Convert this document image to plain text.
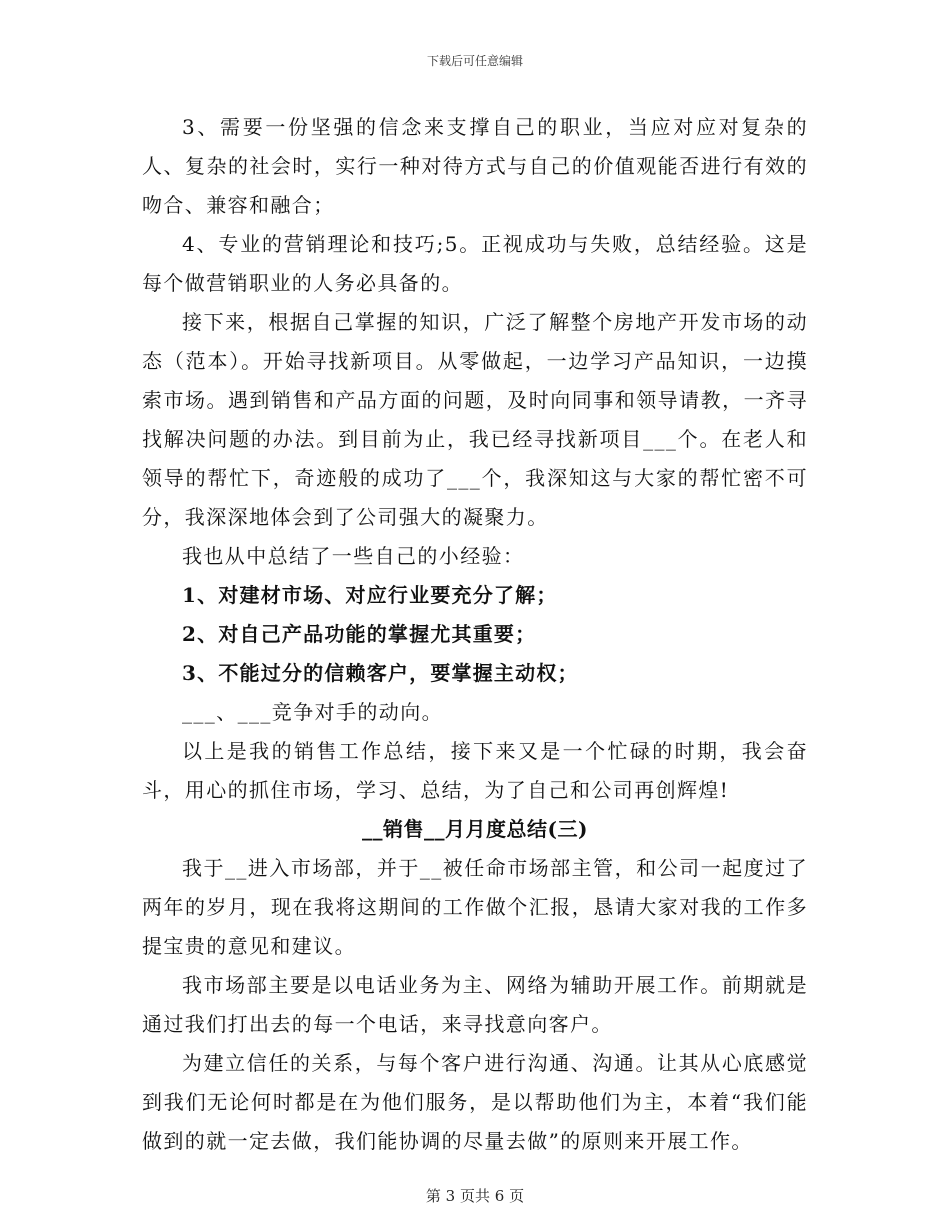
下载后可任意编辑

3、需要一份坚强的信念来支撑自己的职业，当应对应对复杂的人、复杂的社会时，实行一种对待方式与自己的价值观能否进行有效的吻合、兼容和融合；

4、专业的营销理论和技巧;5。正视成功与失败，总结经验。这是每个做营销职业的人务必具备的。

接下来，根据自己掌握的知识，广泛了解整个房地产开发市场的动态（范本）。开始寻找新项目。从零做起，一边学习产品知识，一边摸索市场。遇到销售和产品方面的问题，及时向同事和领导请教，一齐寻找解决问题的办法。到目前为止，我已经寻找新项目___个。在老人和领导的帮忙下，奇迹般的成功了___个，我深知这与大家的帮忙密不可分，我深深地体会到了公司强大的凝聚力。

我也从中总结了一些自己的小经验：

1、对建材市场、对应行业要充分了解；

2、对自己产品功能的掌握尤其重要；

3、不能过分的信赖客户，要掌握主动权；

___、___竞争对手的动向。

以上是我的销售工作总结，接下来又是一个忙碌的时期，我会奋斗，用心的抓住市场，学习、总结，为了自己和公司再创辉煌!

__销售__月月度总结(三)

我于__进入市场部，并于__被任命市场部主管，和公司一起度过了两年的岁月，现在我将这期间的工作做个汇报，恳请大家对我的工作多提宝贵的意见和建议。

我市场部主要是以电话业务为主、网络为辅助开展工作。前期就是通过我们打出去的每一个电话，来寻找意向客户。

为建立信任的关系，与每个客户进行沟通、沟通。让其从心底感觉到我们无论何时都是在为他们服务，是以帮助他们为主，本着“我们能做到的就一定去做，我们能协调的尽量去做”的原则来开展工作。

第 3 页共 6 页
